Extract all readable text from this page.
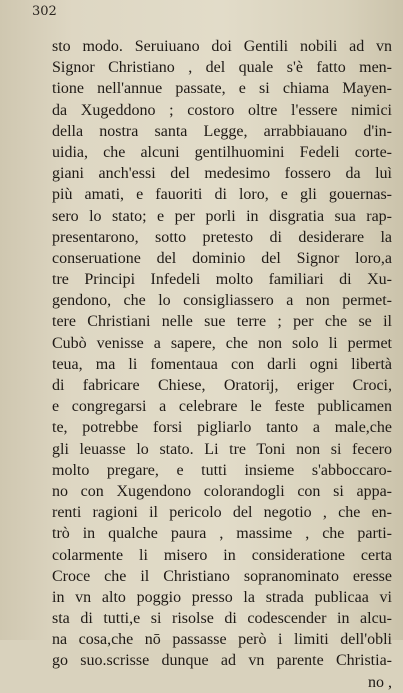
302
sto modo. Seruiuano doi Gentili nobili ad vn
Signor Christiano , del quale s'è fatto men-
tione nell'annue passate, e si chiama Mayen-
da Xugeddono ; costoro oltre l'essere nimici
della nostra santa Legge, arrabbiauano d'in-
uidia, che alcuni gentilhuomini Fedeli corte-
giani anch'essi del medesimo fossero da luì
più amati, e fauoriti di loro, e gli gouernas-
sero lo stato; e per porli in disgratia sua rap-
presentarono, sotto pretesto di desiderare la
conseruatione del dominio del Signor loro,a
tre Principi Infedeli molto familiari di Xu-
gendono, che lo consigliassero a non permet-
tere Christiani nelle sue terre ; per che se il
Cubò venisse a sapere, che non solo li permet
teua, ma li fomentaua con darli ogni libertà
di fabricare Chiese, Oratorij, eriger Croci,
e congregarsi a celebrare le feste publicamen
te, potrebbe forsi pigliarlo tanto a male,che
gli leuasse lo stato. Li tre Toni non si fecero
molto pregare, e tutti insieme s'abboccaro-
no con Xugendono colorandogli con si appa-
renti ragioni il pericolo del negotio , che en-
trò in qualche paura , massime , che parti-
colarmente li misero in consideratione certa
Croce che il Christiano sopranominato eresse
in vn alto poggio presso la strada publicaa vi
sta di tutti,e si risolse di codescender in alcu-
na cosa,che nō passasse però i limiti dell'obli
go suo.scrisse dunque ad vn parente Christia-
no ,
